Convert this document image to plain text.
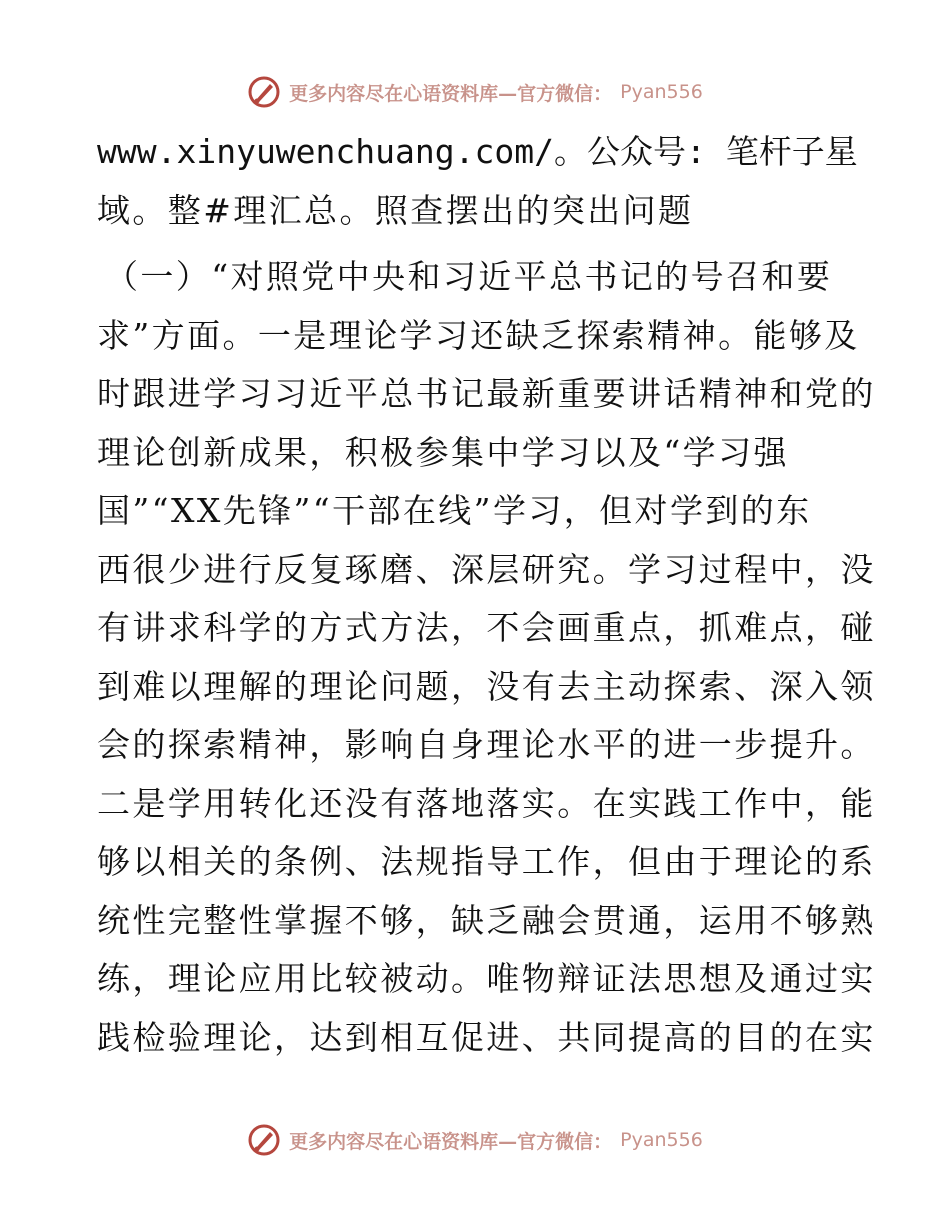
更多内容尽在心语资料库—官方微信： Pyan556
www.xinyuwenchuang.com/。公众号: 笔杆子星
域。整#理汇总。照查摆出的突出问题
（一）“对照党中央和习近平总书记的号召和要
求”方面。一是理论学习还缺乏探索精神。能够及
时跟进学习习近平总书记最新重要讲话精神和党的
理论创新成果，积极参集中学习以及“学习强
国”“XX先锋”“干部在线”学习，但对学到的东
西很少进行反复琢磨、深层研究。学习过程中，没
有讲求科学的方式方法，不会画重点，抓难点，碰
到难以理解的理论问题，没有去主动探索、深入领
会的探索精神，影响自身理论水平的进一步提升。
二是学用转化还没有落地落实。在实践工作中，能
够以相关的条例、法规指导工作，但由于理论的系
统性完整性掌握不够，缺乏融会贯通，运用不够熟
练，理论应用比较被动。唯物辩证法思想及通过实
践检验理论，达到相互促进、共同提高的目的在实
更多内容尽在心语资料库—官方微信： Pyan556
